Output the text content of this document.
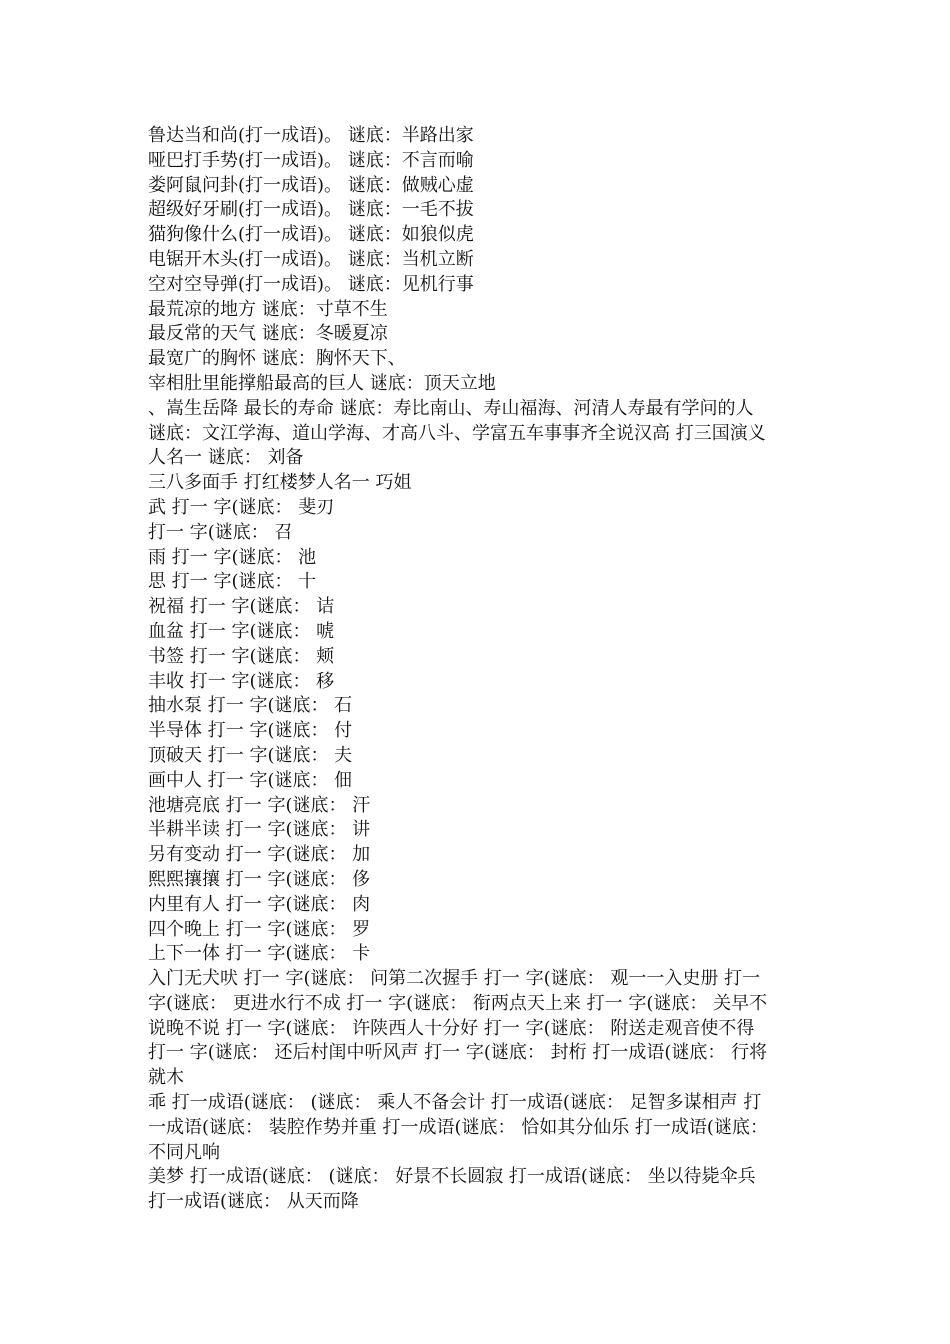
鲁达当和尚(打一成语)。 谜底：半路出家
哑巴打手势(打一成语)。 谜底：不言而喻
娄阿鼠问卦(打一成语)。 谜底：做贼心虚
超级好牙刷(打一成语)。 谜底：一毛不拔
猫狗像什么(打一成语)。 谜底：如狼似虎
电锯开木头(打一成语)。 谜底：当机立断
空对空导弹(打一成语)。 谜底：见机行事
最荒凉的地方 谜底：寸草不生
最反常的天气 谜底：冬暖夏凉
最宽广的胸怀 谜底：胸怀天下、
宰相肚里能撑船最高的巨人 谜底：顶天立地
、嵩生岳降 最长的寿命 谜底：寿比南山、寿山福海、河清人寿最有学问的人
谜底：文江学海、道山学海、才高八斗、学富五车事事齐全说汉高 打三国演义
人名一 谜底： 刘备
三八多面手 打红楼梦人名一 巧姐
武 打一 字(谜底： 斐刃
打一 字(谜底： 召
雨 打一 字(谜底： 池
思 打一 字(谜底： 十
祝福 打一 字(谜底： 诘
血盆 打一 字(谜底： 唬
书签 打一 字(谜底： 颊
丰收 打一 字(谜底： 移
抽水泵 打一 字(谜底： 石
半导体 打一 字(谜底： 付
顶破天 打一 字(谜底： 夫
画中人 打一 字(谜底： 佃
池塘亮底 打一 字(谜底： 汗
半耕半读 打一 字(谜底： 讲
另有变动 打一 字(谜底： 加
熙熙攘攘 打一 字(谜底： 侈
内里有人 打一 字(谜底： 肉
四个晚上 打一 字(谜底： 罗
上下一体 打一 字(谜底： 卡
入门无犬吠 打一 字(谜底： 问第二次握手 打一 字(谜底： 观一一入史册 打一
字(谜底： 更进水行不成 打一 字(谜底： 衔两点天上来 打一 字(谜底： 关早不
说晚不说 打一 字(谜底： 许陕西人十分好 打一 字(谜底： 附送走观音使不得
打一 字(谜底： 还后村闺中听风声 打一 字(谜底： 封桁 打一成语(谜底： 行将
就木
乖 打一成语(谜底： (谜底： 乘人不备会计 打一成语(谜底： 足智多谋相声 打
一成语(谜底： 装腔作势并重 打一成语(谜底： 恰如其分仙乐 打一成语(谜底：
不同凡响
美梦 打一成语(谜底： (谜底： 好景不长圆寂 打一成语(谜底： 坐以待毙伞兵
打一成语(谜底： 从天而降
